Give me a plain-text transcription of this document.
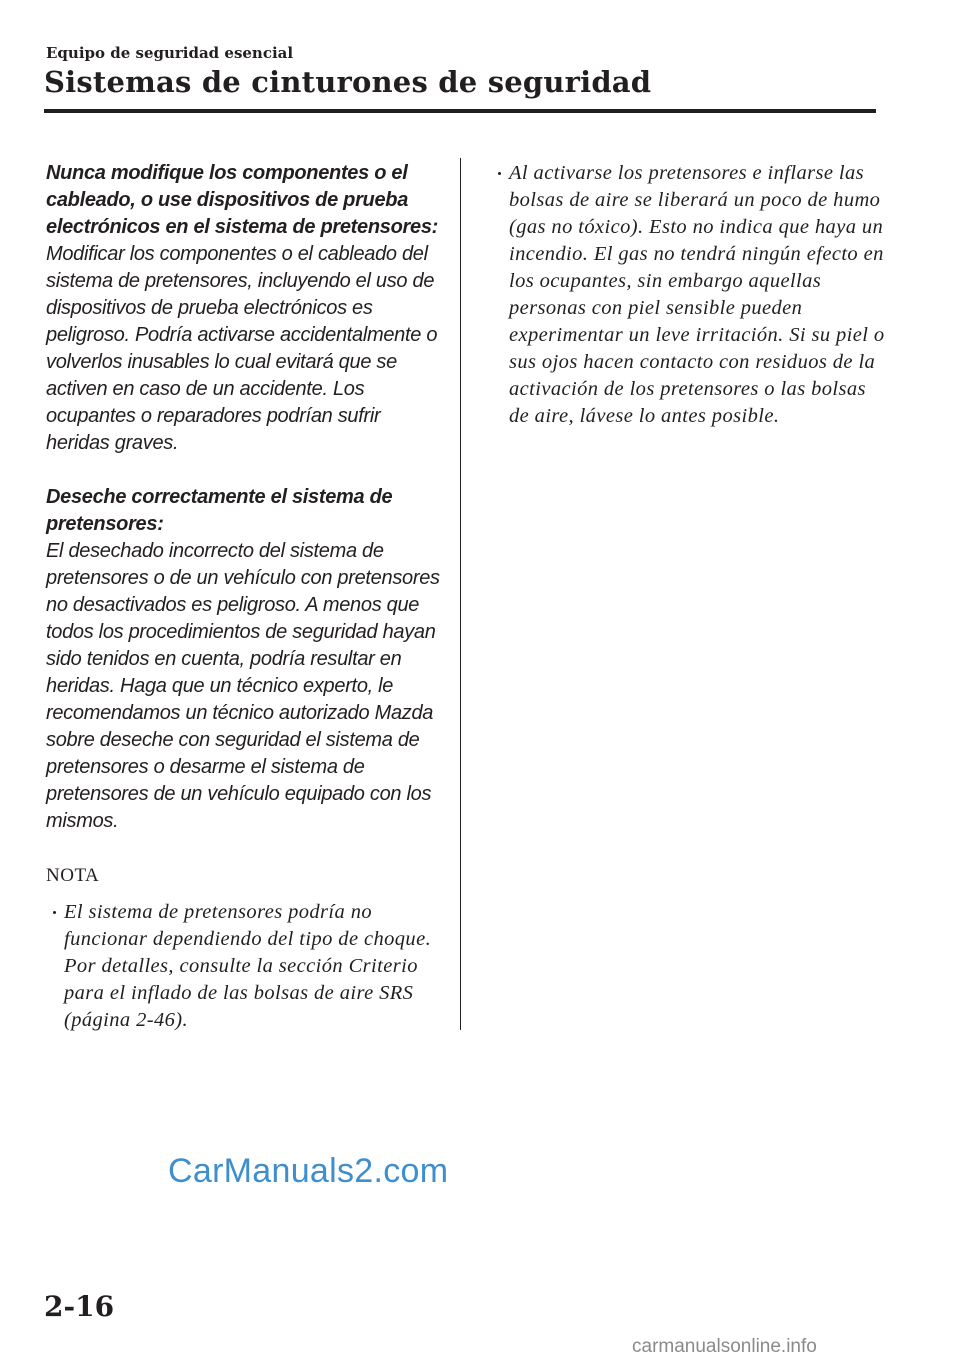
Equipo de seguridad esencial
Sistemas de cinturones de seguridad
Nunca modifique los componentes o el cableado, o use dispositivos de prueba electrónicos en el sistema de pretensores:
Modificar los componentes o el cableado del sistema de pretensores, incluyendo el uso de dispositivos de prueba electrónicos es peligroso. Podría activarse accidentalmente o volverlos inusables lo cual evitará que se activen en caso de un accidente. Los ocupantes o reparadores podrían sufrir heridas graves.
Deseche correctamente el sistema de pretensores:
El desechado incorrecto del sistema de pretensores o de un vehículo con pretensores no desactivados es peligroso. A menos que todos los procedimientos de seguridad hayan sido tenidos en cuenta, podría resultar en heridas. Haga que un técnico experto, le recomendamos un técnico autorizado Mazda sobre deseche con seguridad el sistema de pretensores o desarme el sistema de pretensores de un vehículo equipado con los mismos.
NOTA
El sistema de pretensores podría no funcionar dependiendo del tipo de choque. Por detalles, consulte la sección Criterio para el inflado de las bolsas de aire SRS (página 2-46).
Al activarse los pretensores e inflarse las bolsas de aire se liberará un poco de humo (gas no tóxico). Esto no indica que haya un incendio. El gas no tendrá ningún efecto en los ocupantes, sin embargo aquellas personas con piel sensible pueden experimentar un leve irritación. Si su piel o sus ojos hacen contacto con residuos de la activación de los pretensores o las bolsas de aire, lávese lo antes posible.
CarManuals2.com
2-16
carmanualsonline.info
